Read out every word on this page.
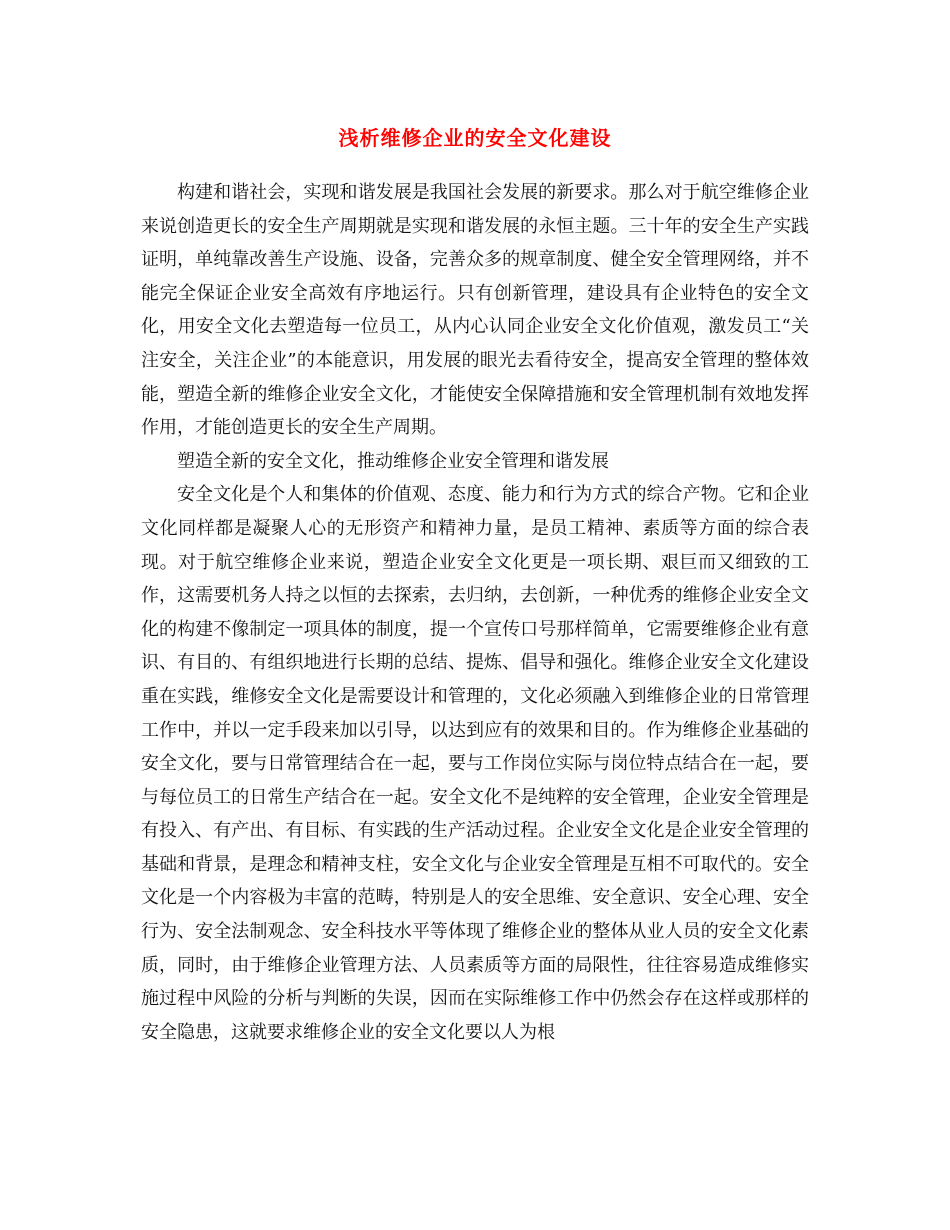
浅析维修企业的安全文化建设

构建和谐社会，实现和谐发展是我国社会发展的新要求。那么对于航空维修企业来说创造更长的安全生产周期就是实现和谐发展的永恒主题。三十年的安全生产实践证明，单纯靠改善生产设施、设备，完善众多的规章制度、健全安全管理网络，并不能完全保证企业安全高效有序地运行。只有创新管理，建设具有企业特色的安全文化，用安全文化去塑造每一位员工，从内心认同企业安全文化价值观，激发员工“关注安全，关注企业”的本能意识，用发展的眼光去看待安全，提高安全管理的整体效能，塑造全新的维修企业安全文化，才能使安全保障措施和安全管理机制有效地发挥作用，才能创造更长的安全生产周期。

塑造全新的安全文化，推动维修企业安全管理和谐发展

安全文化是个人和集体的价值观、态度、能力和行为方式的综合产物。它和企业文化同样都是凝聚人心的无形资产和精神力量，是员工精神、素质等方面的综合表现。对于航空维修企业来说，塑造企业安全文化更是一项长期、艰巨而又细致的工作，这需要机务人持之以恒的去探索，去归纳，去创新，一种优秀的维修企业安全文化的构建不像制定一项具体的制度，提一个宣传口号那样简单，它需要维修企业有意识、有目的、有组织地进行长期的总结、提炼、倡导和强化。维修企业安全文化建设重在实践，维修安全文化是需要设计和管理的，文化必须融入到维修企业的日常管理工作中，并以一定手段来加以引导，以达到应有的效果和目的。作为维修企业基础的安全文化，要与日常管理结合在一起，要与工作岗位实际与岗位特点结合在一起，要与每位员工的日常生产结合在一起。安全文化不是纯粹的安全管理，企业安全管理是有投入、有产出、有目标、有实践的生产活动过程。企业安全文化是企业安全管理的基础和背景，是理念和精神支柱，安全文化与企业安全管理是互相不可取代的。安全文化是一个内容极为丰富的范畴，特别是人的安全思维、安全意识、安全心理、安全行为、安全法制观念、安全科技水平等体现了维修企业的整体从业人员的安全文化素质，同时，由于维修企业管理方法、人员素质等方面的局限性，往往容易造成维修实施过程中风险的分析与判断的失误，因而在实际维修工作中仍然会存在这样或那样的安全隐患，这就要求维修企业的安全文化要以人为根
